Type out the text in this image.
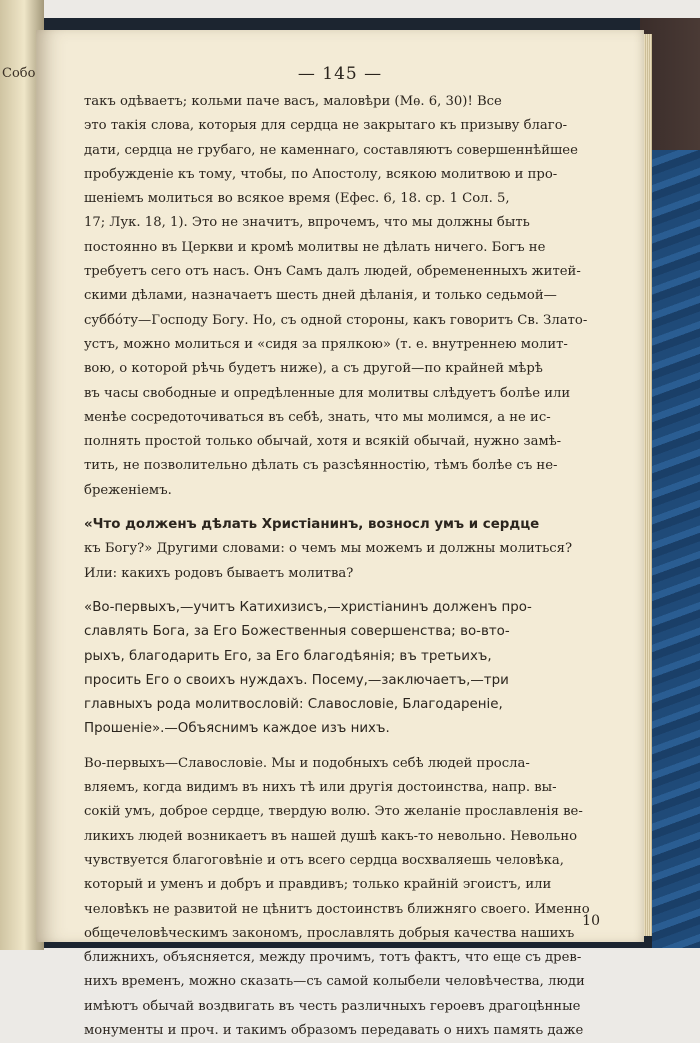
Собо	— 145 —
такъ одѣваетъ; кольми паче васъ, маловѣри (Мѳ. 6, 30)! Все
это такія слова, которыя для сердца не закрытаго къ призыву благо-
дати, сердца не грубаго, не каменнаго, составляютъ совершеннѣйшее
пробужденіе къ тому, чтобы, по Апостолу, всякою молитвою и про-
шенiемъ молиться во всякое время (Ефес. 6, 18. ср. 1 Сол. 5,
17; Лук. 18, 1). Это не значитъ, впрочемъ, что мы должны быть
постоянно въ Церкви и кромѣ молитвы не дѣлать ничего. Богъ не
требуетъ сего отъ насъ. Онъ Самъ далъ людей, обремененныхъ житей-
скими дѣлами, назначаетъ шесть дней дѣланія, и только седьмой—
суббóту—Господу Богу. Но, съ одной стороны, какъ говоритъ Св. Злато-
устъ, можно молиться и «сидя за прялкою» (т. е. внутреннею молит-
вою, о которой рѣчь будетъ ниже), а съ другой—по крайней мѣрѣ
въ часы свободные и опредѣленные для молитвы слѣдуетъ болѣе или
менѣе сосредоточиваться въ себѣ, знать, что мы молимся, а не ис-
полнять простой только обычай, хотя и всякій обычай, нужно замѣ-
тить, не позволительно дѣлать съ разсѣянностію, тѣмъ болѣе съ не-
бреженіемъ.
«Что долженъ дѣлать Христіанинъ, возносл умъ и сердце
къ Богу?» Другими словами: о чемъ мы можемъ и должны молиться?
Или: какихъ родовъ бываетъ молитва?
«Во-первыхъ,—учитъ Катихизисъ,—христіанинъ долженъ про-
славлять Бога, за Его Божественныя совершенства; во-вто-
рыхъ, благодарить Его, за Его благодѣянія; въ третьихъ,
просить Его о своихъ нуждахъ. Посему,—заключаетъ,—три
главныхъ рода молитвословій: Славословіе, Благодареніе,
Прошеніе».—Объяснимъ каждое изъ нихъ.
Во-первыхъ—Славословіе. Мы и подобныхъ себѣ людей просла-
вляемъ, когда видимъ въ нихъ тѣ или другія достоинства, напр. вы-
сокій умъ, доброе сердце, твердую волю. Это желаніе прославленія ве-
ликихъ людей возникаетъ въ нашей душѣ какъ-то невольно. Невольно
чувствуется благоговѣніе и отъ всего сердца восхваляешь человѣка,
который и уменъ и добръ и правдивъ; только крайній эгоистъ, или
человѣкъ не развитой не цѣнитъ достоинствъ ближняго своего. Именно
общечеловѣческимъ закономъ, прославлять добрыя качества нашихъ
ближнихъ, объясняется, между прочимъ, тотъ фактъ, что еще съ древ-
нихъ временъ, можно сказать—съ самой колыбели человѣчества, люди
имѣютъ обычай воздвигать въ честь различныхъ героевъ драгоцѣнные
монументы и проч. и такимъ образомъ передавать о нихъ память даже
10
